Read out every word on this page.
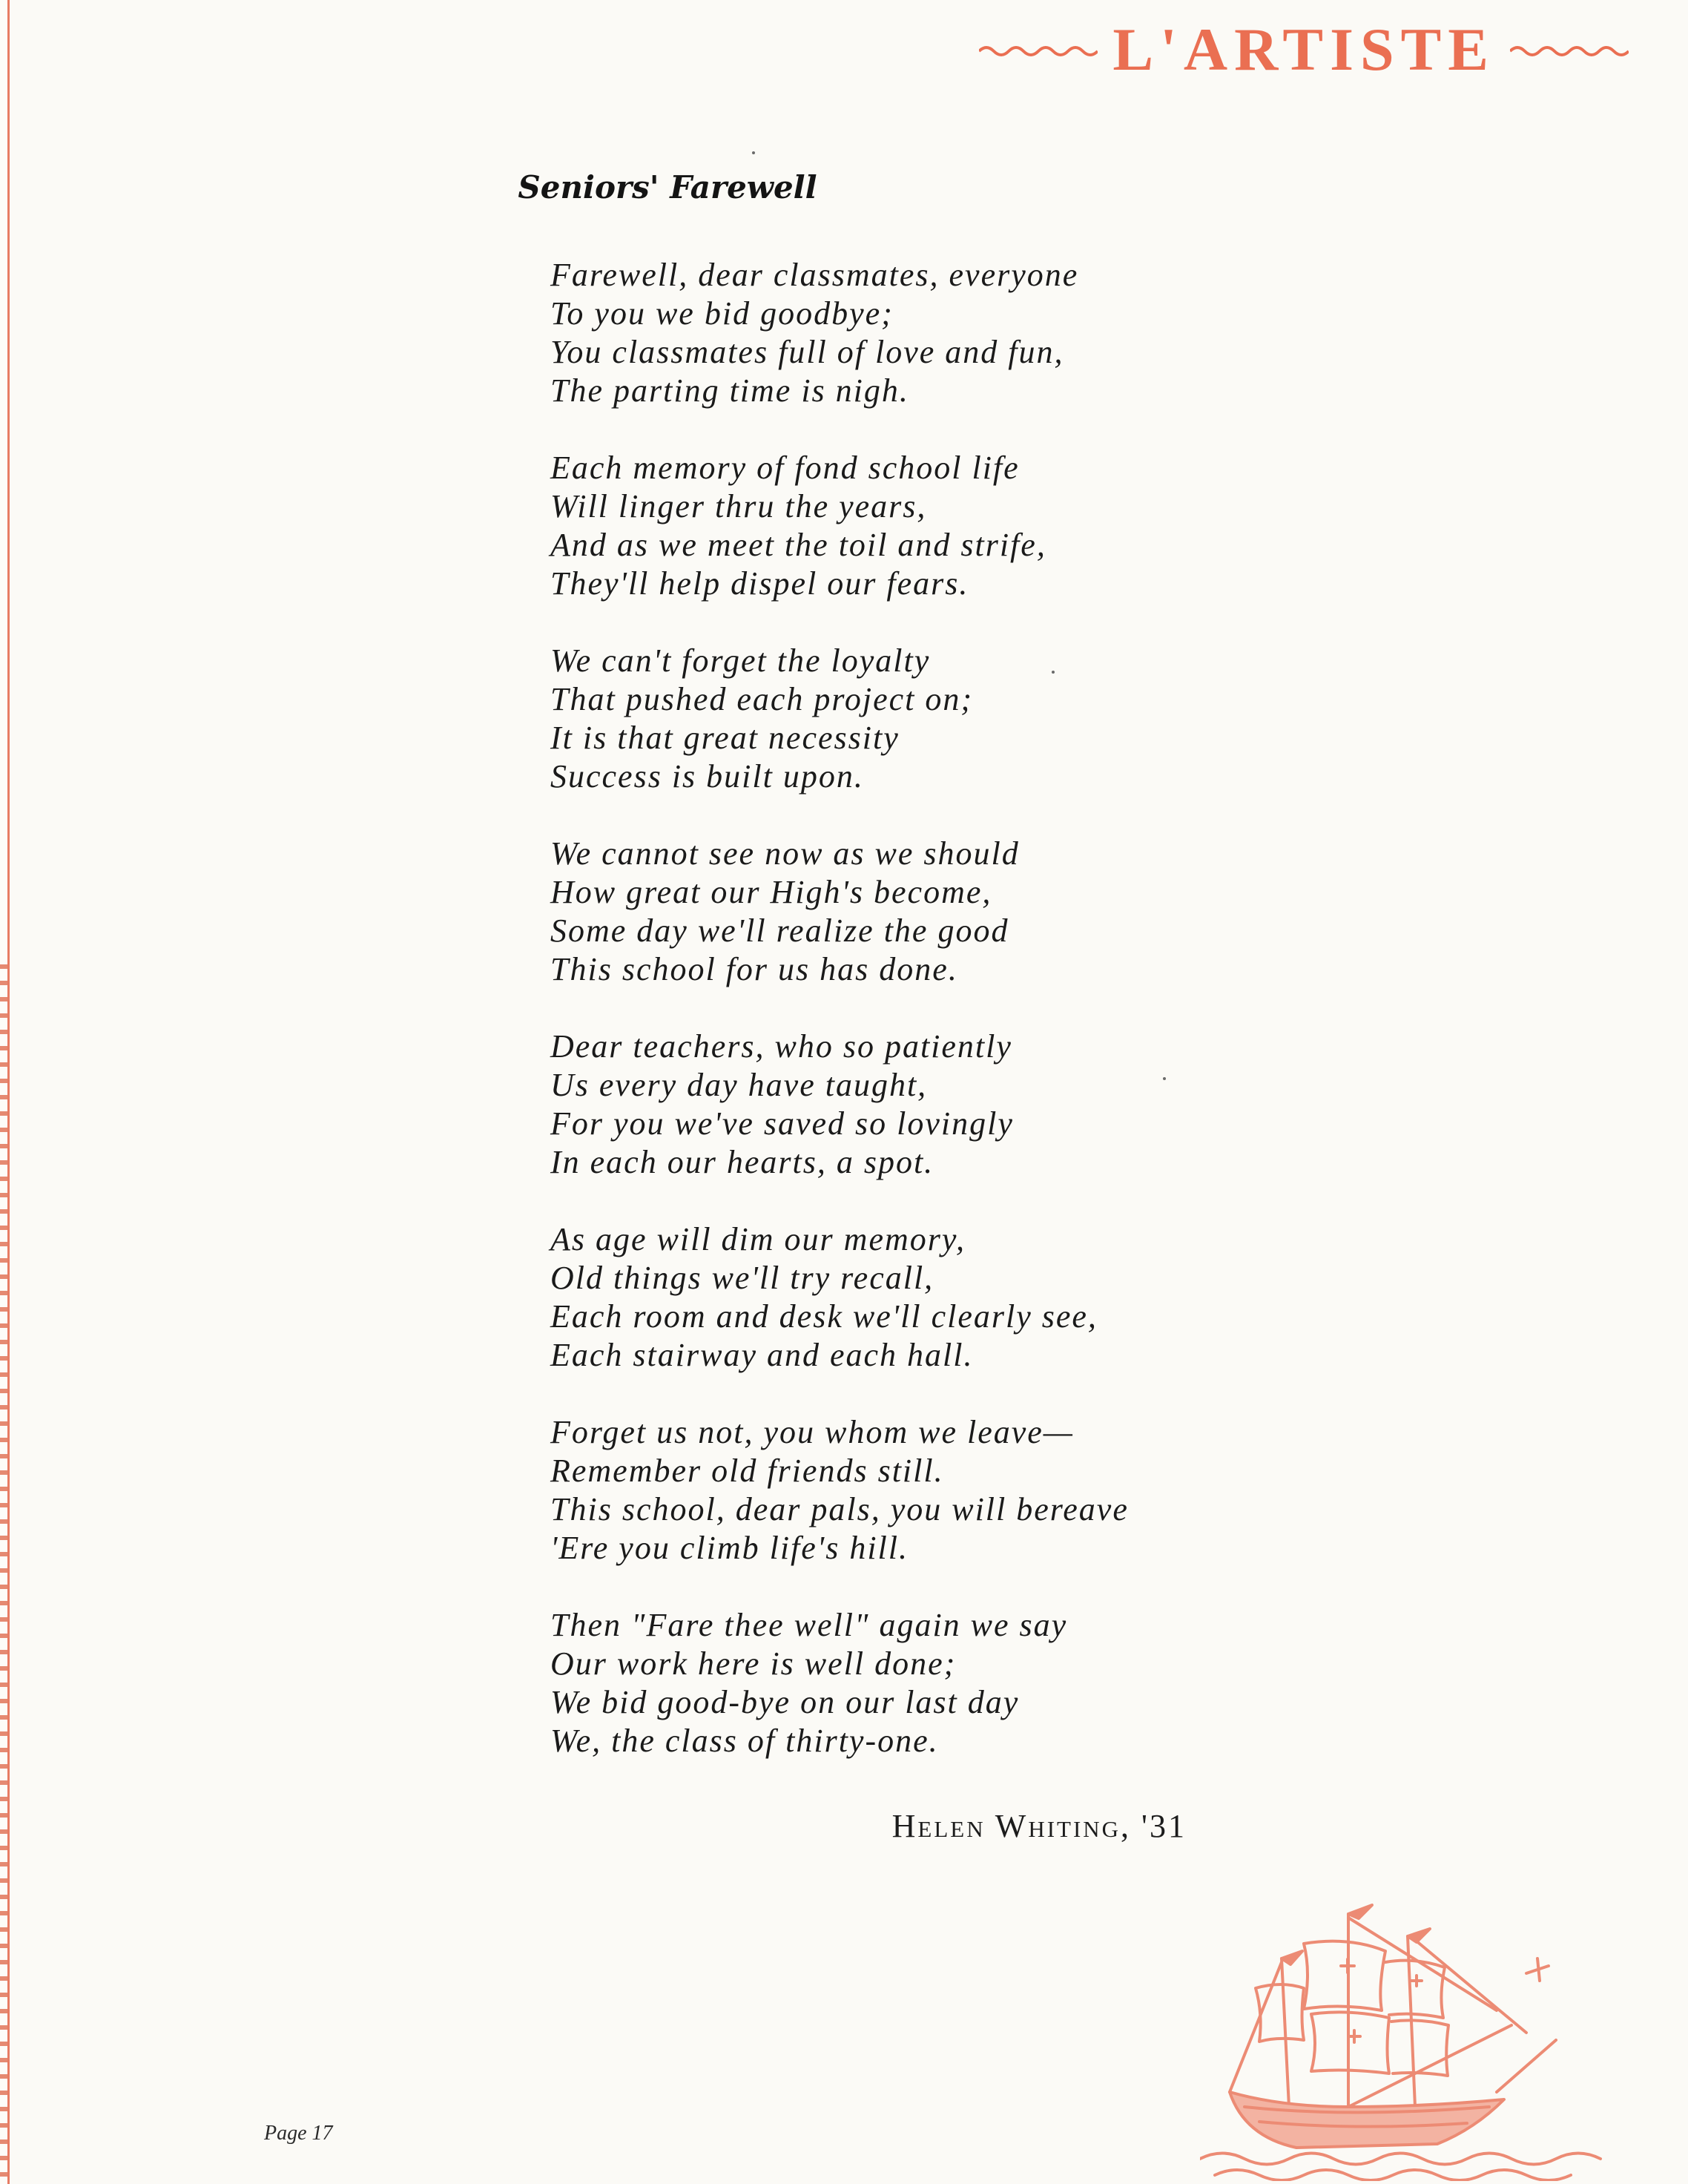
L'ARTISTE
Seniors' Farewell
Farewell, dear classmates, everyone
To you we bid goodbye;
You classmates full of love and fun,
The parting time is nigh.
Each memory of fond school life
Will linger thru the years,
And as we meet the toil and strife,
They'll help dispel our fears.
We can't forget the loyalty
That pushed each project on;
It is that great necessity
Success is built upon.
We cannot see now as we should
How great our High's become,
Some day we'll realize the good
This school for us has done.
Dear teachers, who so patiently
Us every day have taught,
For you we've saved so lovingly
In each our hearts, a spot.
As age will dim our memory,
Old things we'll try recall,
Each room and desk we'll clearly see,
Each stairway and each hall.
Forget us not, you whom we leave—
Remember old friends still.
This school, dear pals, you will bereave
'Ere you climb life's hill.
Then "Fare thee well" again we say
Our work here is well done;
We bid good-bye on our last day
We, the class of thirty-one.
Helen Whiting, '31
Page 17
